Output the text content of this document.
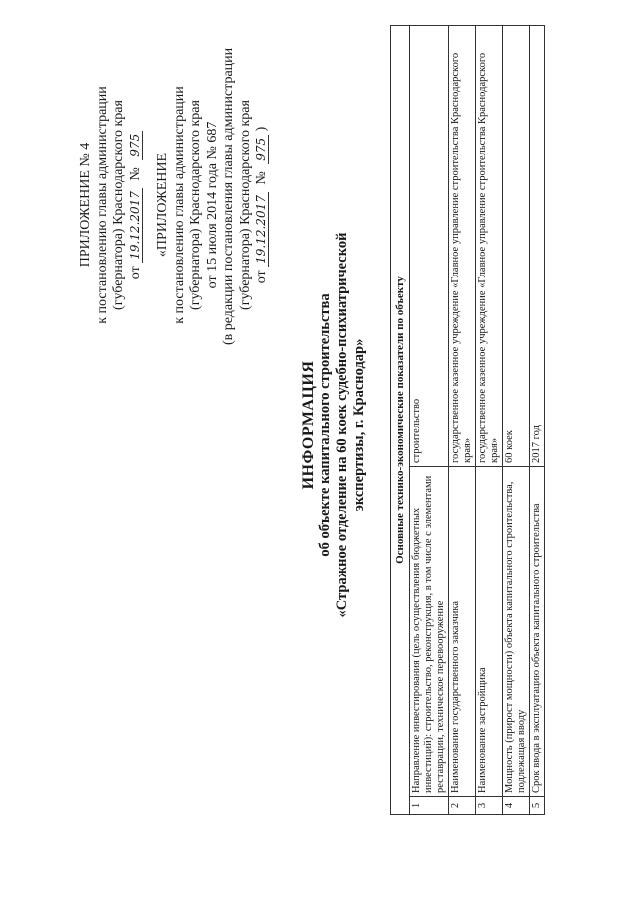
ПРИЛОЖЕНИЕ № 4 к постановлению главы администрации (губернатора) Краснодарского края от 19.12.2017 № 975
«ПРИЛОЖЕНИЕ к постановлению главы администрации (губернатора) Краснодарского края от 15 июля 2014 года № 687 (в редакции постановления главы администрации (губернатора) Краснодарского края от 19.12.2017 № 975 )
ИНФОРМАЦИЯ об объекте капитального строительства «Стражное отделение на 60 коек судебно-психиатрической экспертизы, г. Краснодар» Основные технико-экономические показатели по объекту		
1	Направление инвестирования (цель осуществления бюджетных инвестиций): строительство, реконструкция, в том числе с элементами реставрации, техническое перевооружение	строительство
2	Наименование государственного заказчика	государственное казенное учреждение «Главное управление строительства Краснодарского края»
3	Наименование застройщика	государственное казенное учреждение «Главное управление строительства Краснодарского края»
4	Мощность (прирост мощности) объекта капитального строительства, подлежащая вводу	60 коек
5	Срок ввода в эксплуатацию объекта капитального строительства	2017 год
